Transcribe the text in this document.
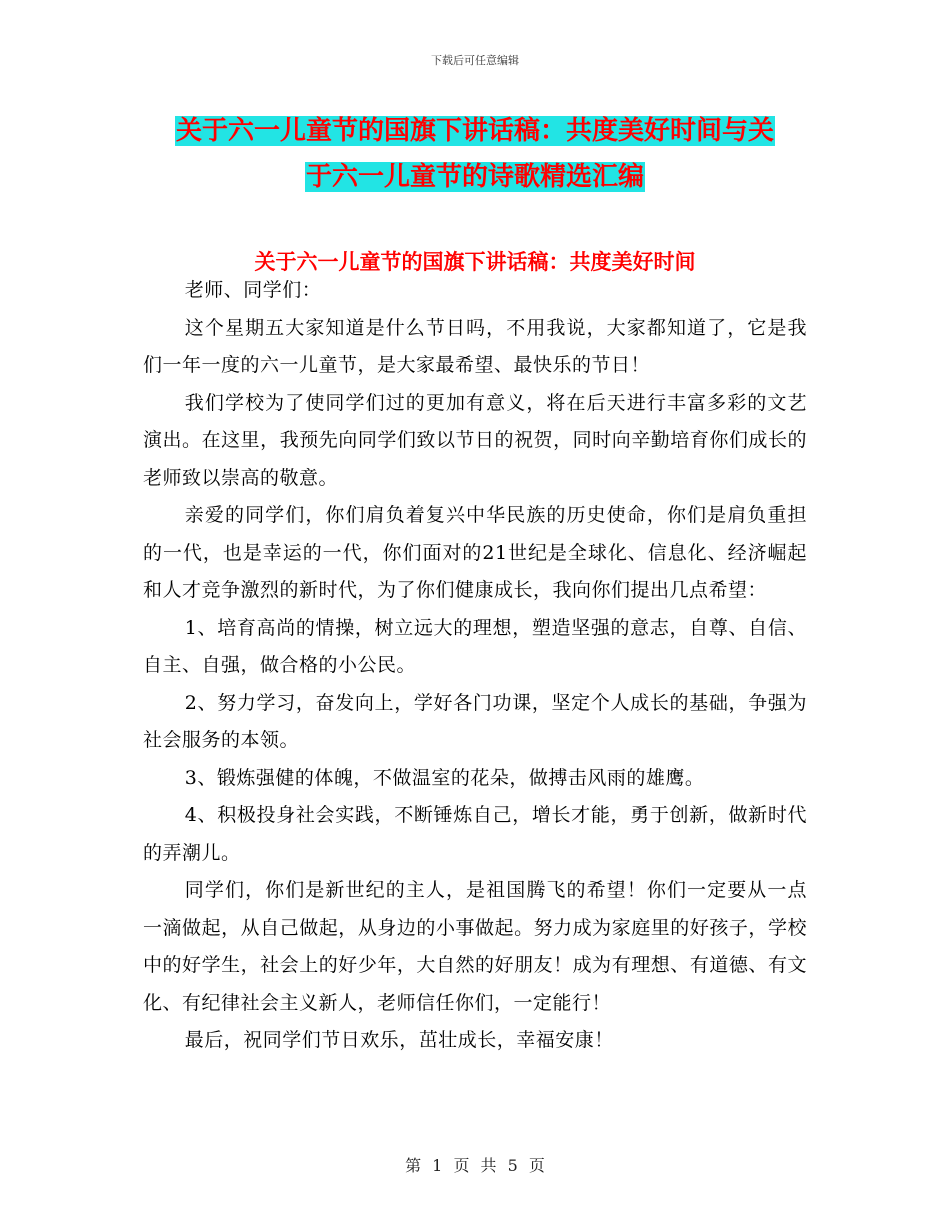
下载后可任意编辑
关于六一儿童节的国旗下讲话稿：共度美好时间与关
于六一儿童节的诗歌精选汇编
关于六一儿童节的国旗下讲话稿：共度美好时间

老师、同学们：

这个星期五大家知道是什么节日吗，不用我说，大家都知道了，它是我们一年一度的六一儿童节，是大家最希望、最快乐的节日！

我们学校为了使同学们过的更加有意义，将在后天进行丰富多彩的文艺演出。在这里，我预先向同学们致以节日的祝贺，同时向辛勤培育你们成长的老师致以崇高的敬意。

亲爱的同学们，你们肩负着复兴中华民族的历史使命，你们是肩负重担的一代，也是幸运的一代，你们面对的21世纪是全球化、信息化、经济崛起和人才竞争激烈的新时代，为了你们健康成长，我向你们提出几点希望：

1、培育高尚的情操，树立远大的理想，塑造坚强的意志，自尊、自信、自主、自强，做合格的小公民。

2、努力学习，奋发向上，学好各门功课，坚定个人成长的基础，争强为社会服务的本领。

3、锻炼强健的体魄，不做温室的花朵，做搏击风雨的雄鹰。

4、积极投身社会实践，不断锤炼自己，增长才能，勇于创新，做新时代的弄潮儿。

同学们，你们是新世纪的主人，是祖国腾飞的希望！你们一定要从一点一滴做起，从自己做起，从身边的小事做起。努力成为家庭里的好孩子，学校中的好学生，社会上的好少年，大自然的好朋友！成为有理想、有道德、有文化、有纪律社会主义新人，老师信任你们，一定能行！

最后，祝同学们节日欢乐，茁壮成长，幸福安康！

第 1 页 共 5 页
